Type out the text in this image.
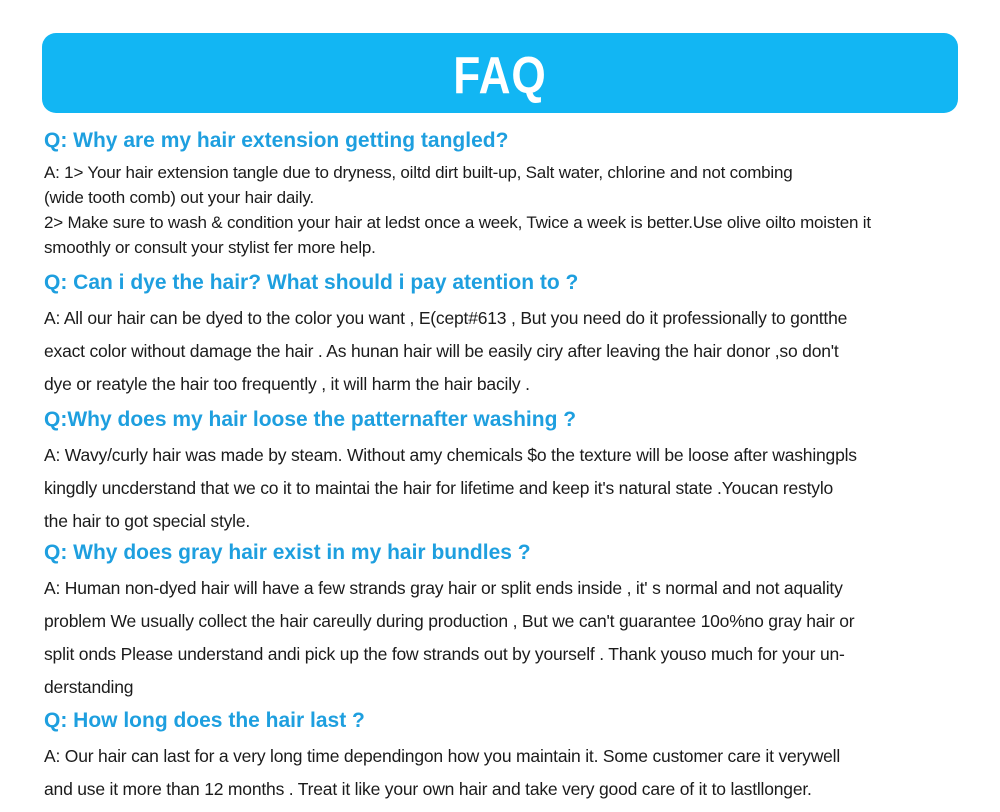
FAQ
Q: Why are my hair extension getting tangled?
A: 1> Your hair extension tangle due to dryness, oiltd dirt built-up, Salt water, chlorine and not combing
(wide tooth comb) out your hair daily.
2> Make sure to wash & condition your hair at ledst once a week, Twice a week is better.Use olive oilto moisten it
smoothly or consult your stylist fer more help.
Q: Can i dye the hair? What should i pay atention to ?
A: All our hair can be dyed to the color you want , E(cept#613 , But you need do it professionally to gontthe
exact color without damage the hair . As hunan hair will be easily ciry after leaving the hair donor ,so don't
dye or reatyle the hair too frequently , it will harm the hair bacily .
Q:Why does my hair loose the patternafter washing ?
A: Wavy/curly hair was made by steam. Without amy chemicals $o the texture will be loose after washingpls
kingdly uncderstand that we co it to maintai the hair for lifetime and keep it's natural state .Youcan restylo
the hair to got special style.
Q: Why does gray hair exist in my hair bundles ?
A: Human non-dyed hair will have a few strands gray hair or split ends inside , it' s normal and not aquality
problem We usually collect the hair careully during production , But we can't guarantee 10o%no gray hair or
split onds Please understand andi pick up the fow strands out by yourself . Thank youso much for your un-
derstanding
Q: How long does the hair last ?
A: Our hair can last for a very long time dependingon how you maintain it. Some customer care it verywell
and use it more than 12 months . Treat it like your own hair and take very good care of it to lastllonger.
